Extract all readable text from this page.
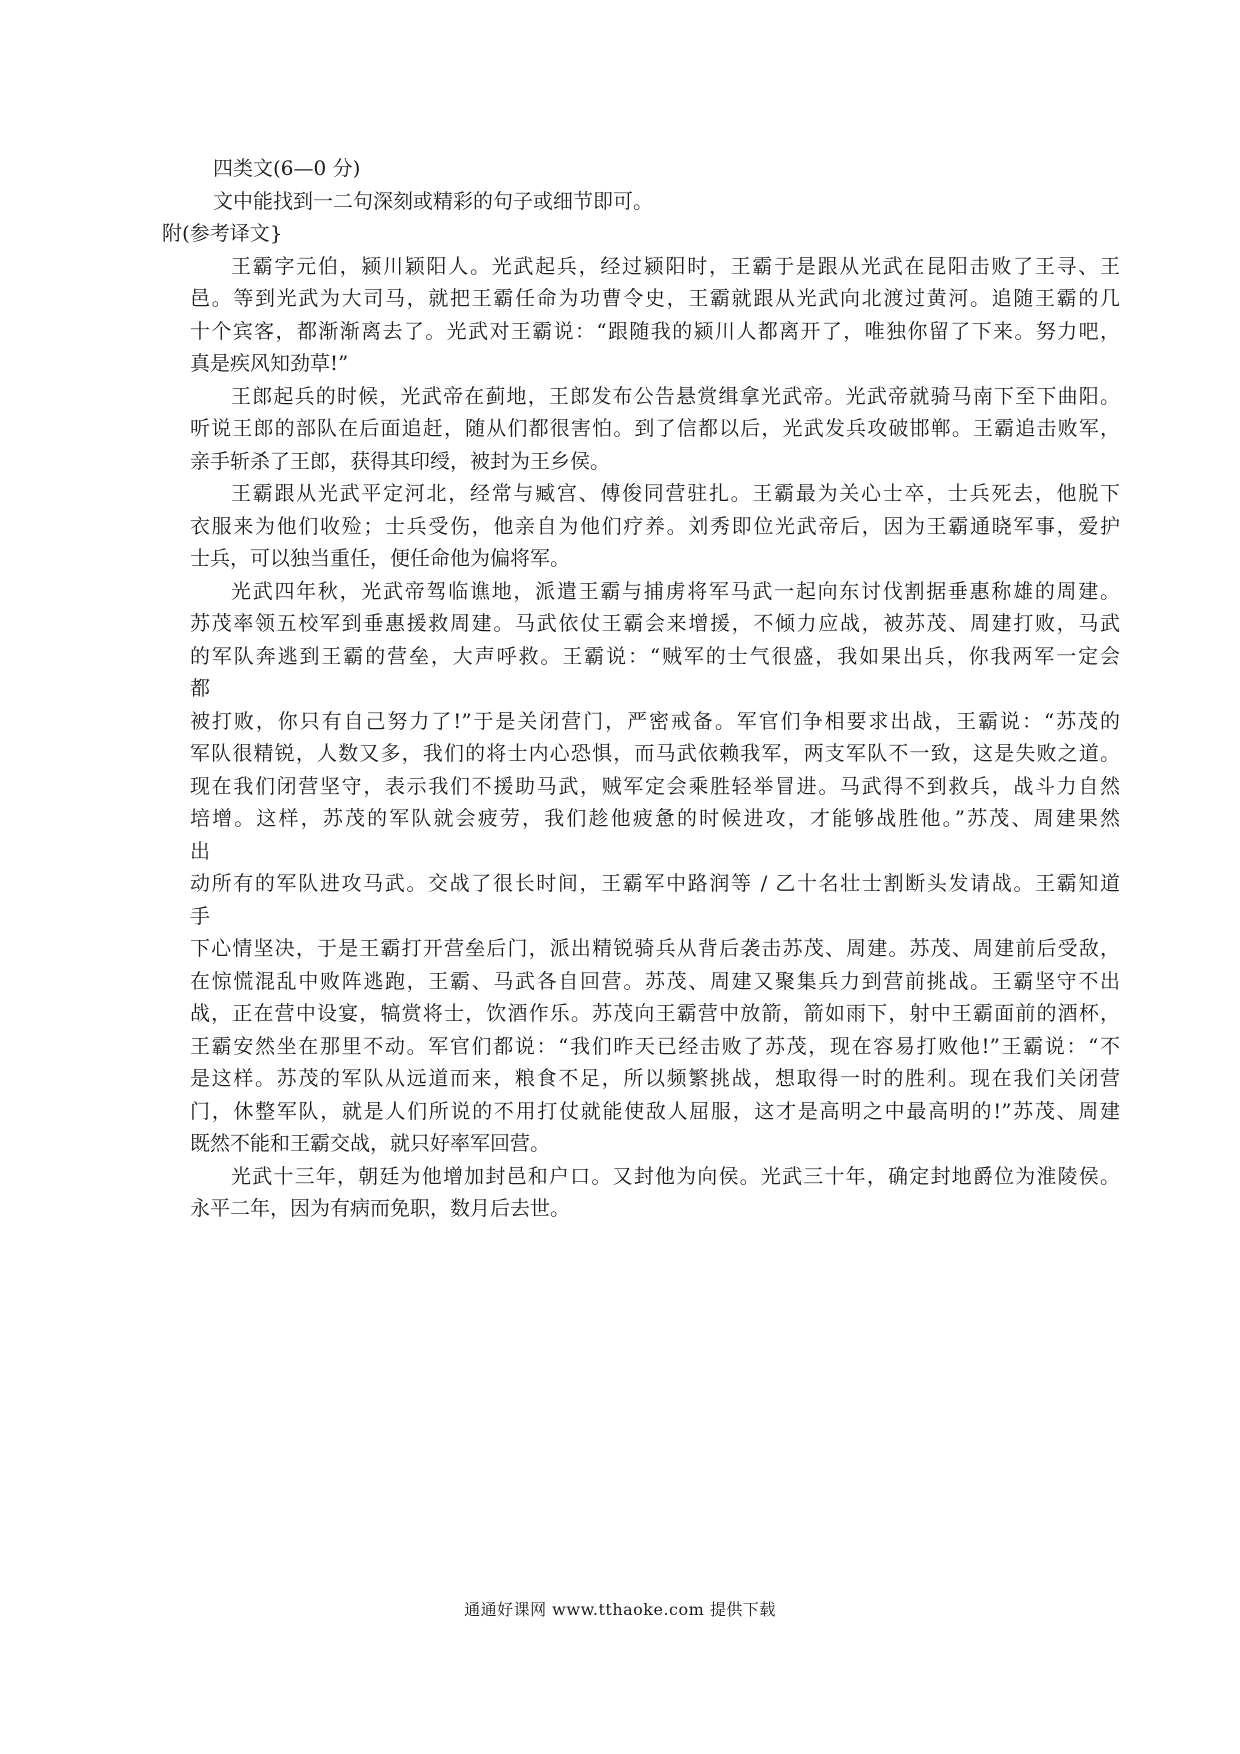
四类文(6—0 分)
文中能找到一二句深刻或精彩的句子或细节即可。
附(参考译文}
王霸字元伯，颍川颖阳人。光武起兵，经过颍阳时，王霸于是跟从光武在昆阳击败了王寻、王
邑。等到光武为大司马，就把王霸任命为功曹令史，王霸就跟从光武向北渡过黄河。追随王霸的几
十个宾客，都渐渐离去了。光武对王霸说：“跟随我的颍川人都离开了，唯独你留了下来。努力吧，
真是疾风知劲草!”
王郎起兵的时候，光武帝在蓟地，王郎发布公告悬赏缉拿光武帝。光武帝就骑马南下至下曲阳。
听说王郎的部队在后面追赶，随从们都很害怕。到了信都以后，光武发兵攻破邯郸。王霸追击败军，
亲手斩杀了王郎，获得其印绶，被封为王乡侯。
王霸跟从光武平定河北，经常与臧宫、傅俊同营驻扎。王霸最为关心士卒，士兵死去，他脱下
衣服来为他们收殓；士兵受伤，他亲自为他们疗养。刘秀即位光武帝后，因为王霸通晓军事，爱护
士兵，可以独当重任，便任命他为偏将军。
光武四年秋，光武帝驾临谯地，派遣王霸与捕虏将军马武一起向东讨伐割据垂惠称雄的周建。
苏茂率领五校军到垂惠援救周建。马武依仗王霸会来增援，不倾力应战，被苏茂、周建打败，马武
的军队奔逃到王霸的营垒，大声呼救。王霸说：“贼军的士气很盛，我如果出兵，你我两军一定会
都
被打败，你只有自己努力了!”于是关闭营门，严密戒备。军官们争相要求出战，王霸说：“苏茂的
军队很精锐，人数又多，我们的将士内心恐惧，而马武依赖我军，两支军队不一致，这是失败之道。
现在我们闭营坚守，表示我们不援助马武，贼军定会乘胜轻举冒进。马武得不到救兵，战斗力自然
培增。这样，苏茂的军队就会疲劳，我们趁他疲惫的时候进攻，才能够战胜他。”苏茂、周建果然
出
动所有的军队进攻马武。交战了很长时间，王霸军中路润等 / 乙十名壮士割断头发请战。王霸知道
手
下心情坚决，于是王霸打开营垒后门，派出精锐骑兵从背后袭击苏茂、周建。苏茂、周建前后受敌，
在惊慌混乱中败阵逃跑，王霸、马武各自回营。苏茂、周建又聚集兵力到营前挑战。王霸坚守不出
战，正在营中设宴，犒赏将士，饮酒作乐。苏茂向王霸营中放箭，箭如雨下，射中王霸面前的酒杯，
王霸安然坐在那里不动。军官们都说：“我们昨天已经击败了苏茂，现在容易打败他!”王霸说：“不
是这样。苏茂的军队从远道而来，粮食不足，所以频繁挑战，想取得一时的胜利。现在我们关闭营
门，休整军队，就是人们所说的不用打仗就能使敌人屈服，这才是高明之中最高明的!”苏茂、周建
既然不能和王霸交战，就只好率军回营。
光武十三年，朝廷为他增加封邑和户口。又封他为向侯。光武三十年，确定封地爵位为淮陵侯。
永平二年，因为有病而免职，数月后去世。
通通好课网 www.tthaoke.com 提供下载
